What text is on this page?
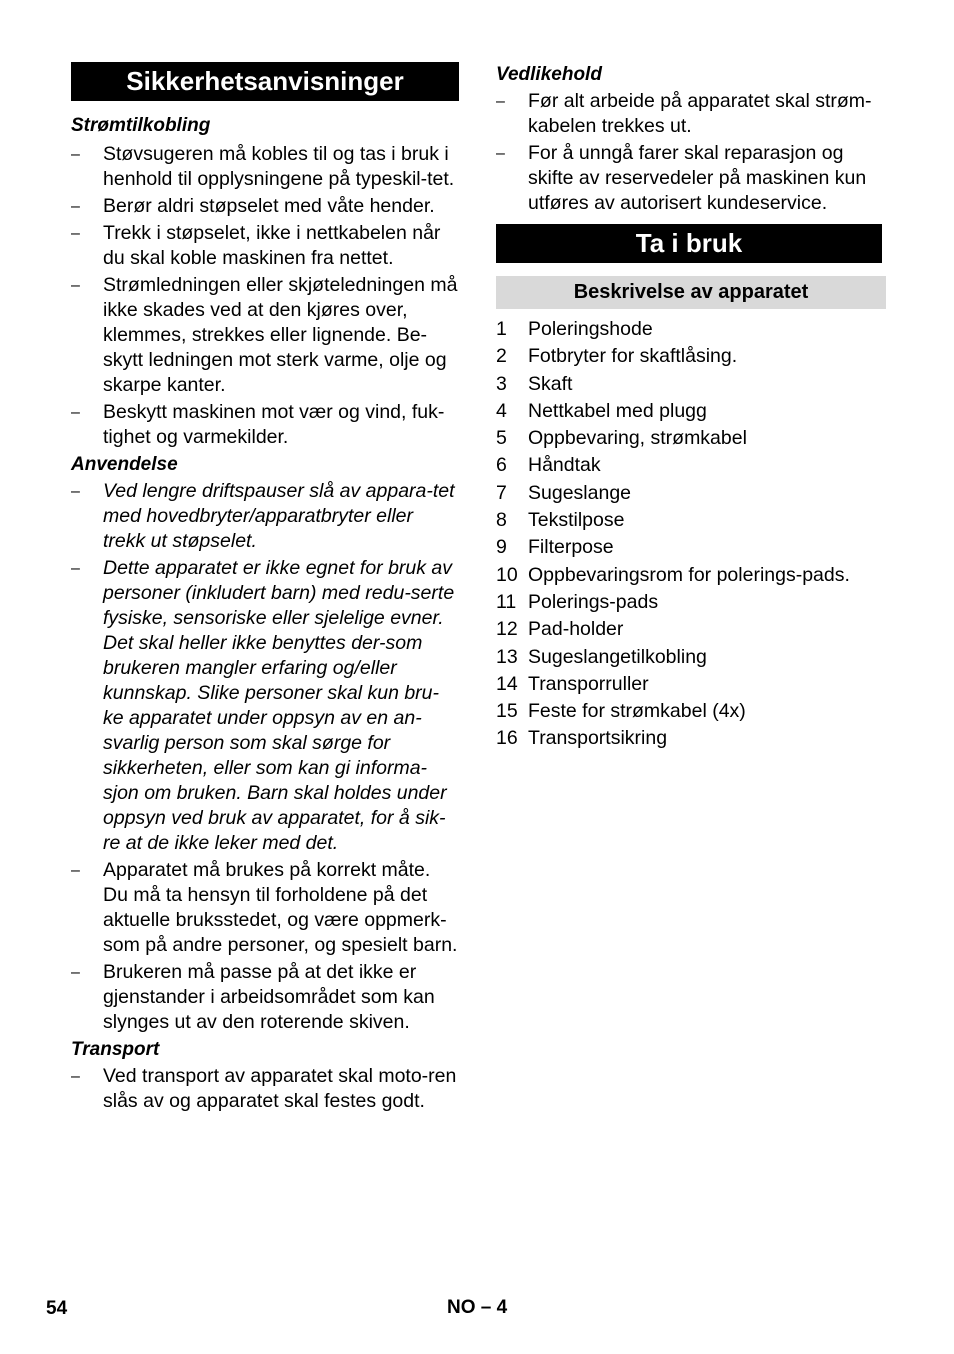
Sikkerhetsanvisninger

Strømtilkobling

– Støvsugeren må kobles til og tas i bruk i henhold til opplysningene på typeskil-tet.
– Berør aldri støpselet med våte hender.
– Trekk i støpselet, ikke i nettkabelen når du skal koble maskinen fra nettet.
– Strømledningen eller skjøteledningen må ikke skades ved at den kjøres over, klemmes, strekkes eller lignende. Be-skytt ledningen mot sterk varme, olje og skarpe kanter.
– Beskytt maskinen mot vær og vind, fuk-tighet og varmekilder.

Anvendelse

– Ved lengre driftspauser slå av appara-tet med hovedbryter/apparatbryter eller trekk ut støpselet.
– Dette apparatet er ikke egnet for bruk av personer (inkludert barn) med redu-serte fysiske, sensoriske eller sjelelige evner. Det skal heller ikke benyttes der-som brukeren mangler erfaring og/eller kunnskap. Slike personer skal kun bru-ke apparatet under oppsyn av en an-svarlig person som skal sørge for sikkerheten, eller som kan gi informa-sjon om bruken. Barn skal holdes under oppsyn ved bruk av apparatet, for å sik-re at de ikke leker med det.
– Apparatet må brukes på korrekt måte. Du må ta hensyn til forholdene på det aktuelle bruksstedet, og være oppmerk-som på andre personer, og spesielt barn.
– Brukeren må passe på at det ikke er gjenstander i arbeidsområdet som kan slynges ut av den roterende skiven.

Transport

– Ved transport av apparatet skal moto-ren slås av og apparatet skal festes godt.

Vedlikehold

– Før alt arbeide på apparatet skal strøm-kabelen trekkes ut.
– For å unngå farer skal reparasjon og skifte av reservedeler på maskinen kun utføres av autorisert kundeservice.
Ta i bruk
Beskrivelse av apparatet
1 Poleringshode
2 Fotbryter for skaftlåsing.
3 Skaft
4 Nettkabel med plugg
5 Oppbevaring, strømkabel
6 Håndtak
7 Sugeslange
8 Tekstilpose
9 Filterpose
10 Oppbevaringsrom for polerings-pads.
11 Polerings-pads
12 Pad-holder
13 Sugeslangetilkobling
14 Transporruller
15 Feste for strømkabel (4x)
16 Transportsikring
54	NO – 4
